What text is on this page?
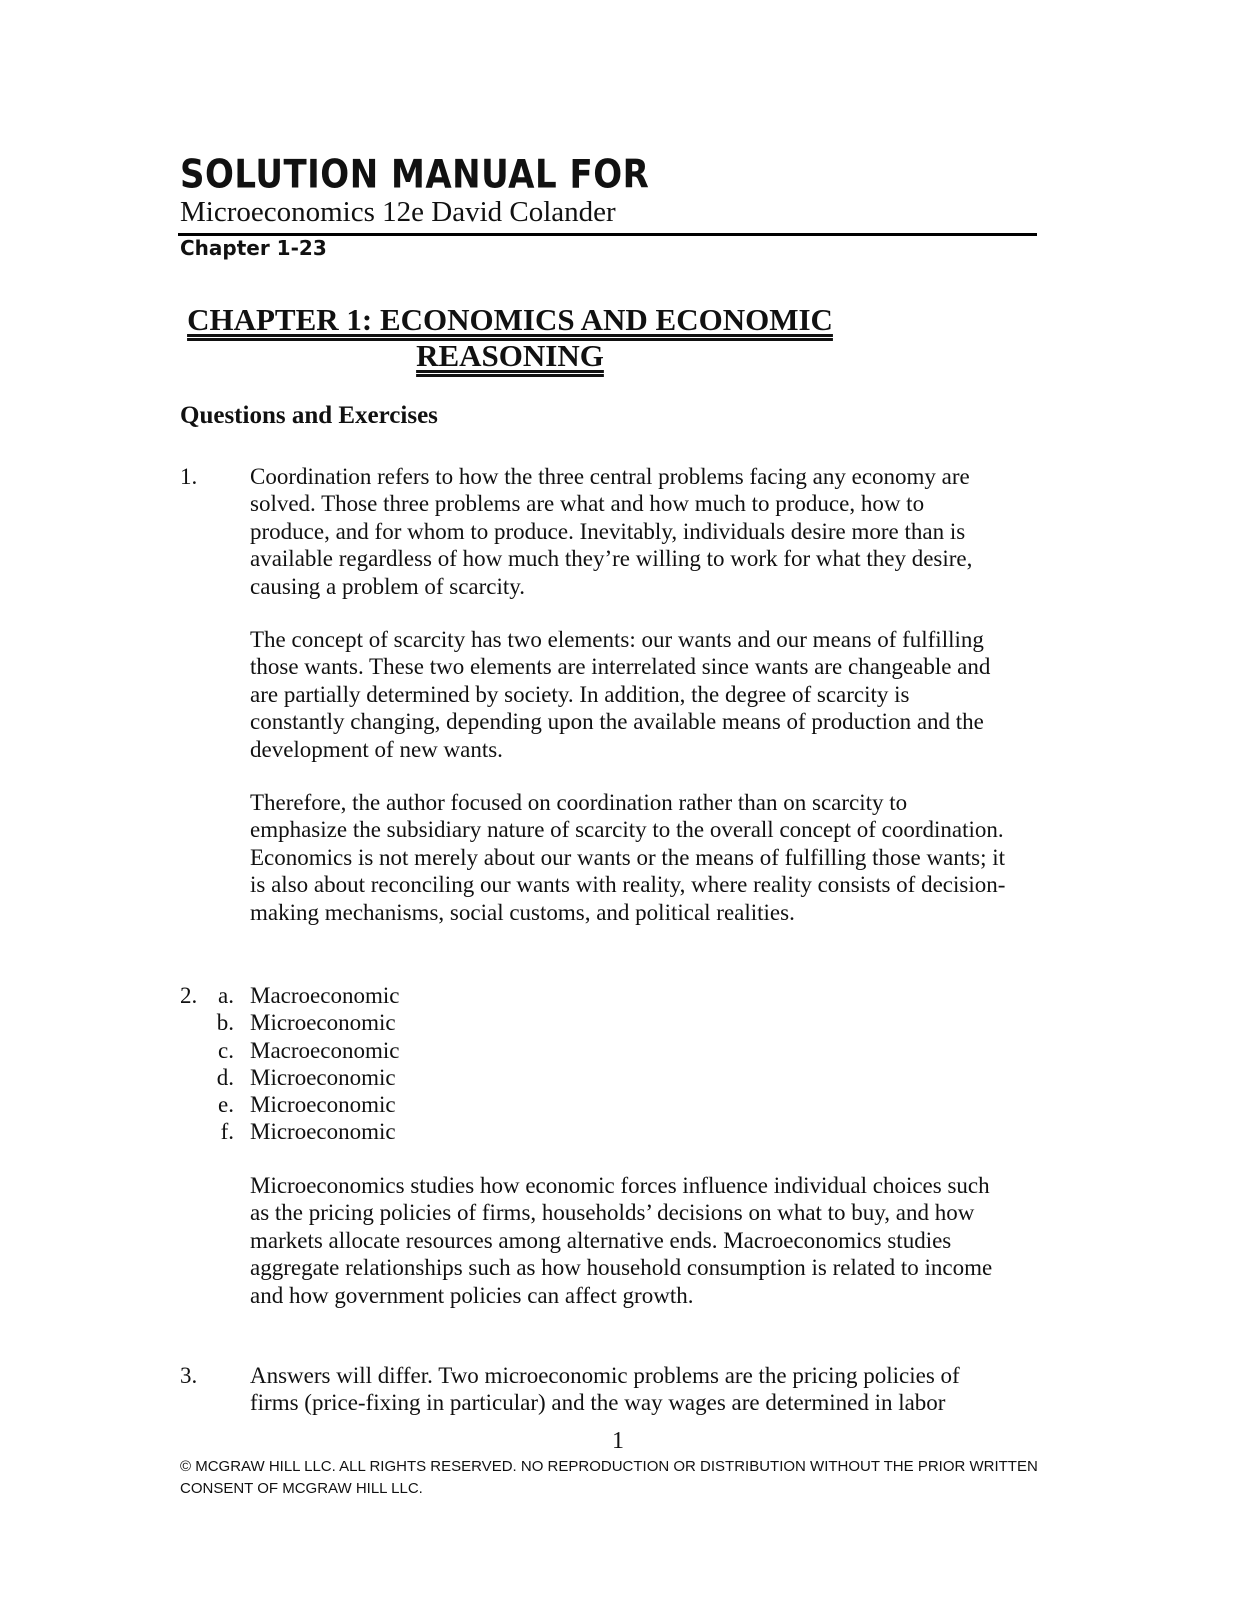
SOLUTION MANUAL FOR
Microeconomics 12e David Colander
Chapter 1-23
CHAPTER 1: ECONOMICS AND ECONOMIC REASONING
Questions and Exercises
1. Coordination refers to how the three central problems facing any economy are
solved. Those three problems are what and how much to produce, how to
produce, and for whom to produce. Inevitably, individuals desire more than is
available regardless of how much they’re willing to work for what they desire,
causing a problem of scarcity.
The concept of scarcity has two elements: our wants and our means of fulfilling
those wants. These two elements are interrelated since wants are changeable and
are partially determined by society. In addition, the degree of scarcity is
constantly changing, depending upon the available means of production and the
development of new wants.
Therefore, the author focused on coordination rather than on scarcity to
emphasize the subsidiary nature of scarcity to the overall concept of coordination.
Economics is not merely about our wants or the means of fulfilling those wants; it
is also about reconciling our wants with reality, where reality consists of decision-
making mechanisms, social customs, and political realities.
2. a. Macroeconomic
b. Microeconomic
c. Macroeconomic
d. Microeconomic
e. Microeconomic
f. Microeconomic
Microeconomics studies how economic forces influence individual choices such
as the pricing policies of firms, households’ decisions on what to buy, and how
markets allocate resources among alternative ends. Macroeconomics studies
aggregate relationships such as how household consumption is related to income
and how government policies can affect growth.
3. Answers will differ. Two microeconomic problems are the pricing policies of
firms (price-fixing in particular) and the way wages are determined in labor
1
© MCGRAW HILL LLC. ALL RIGHTS RESERVED. NO REPRODUCTION OR DISTRIBUTION WITHOUT THE PRIOR WRITTEN CONSENT OF MCGRAW HILL LLC.
